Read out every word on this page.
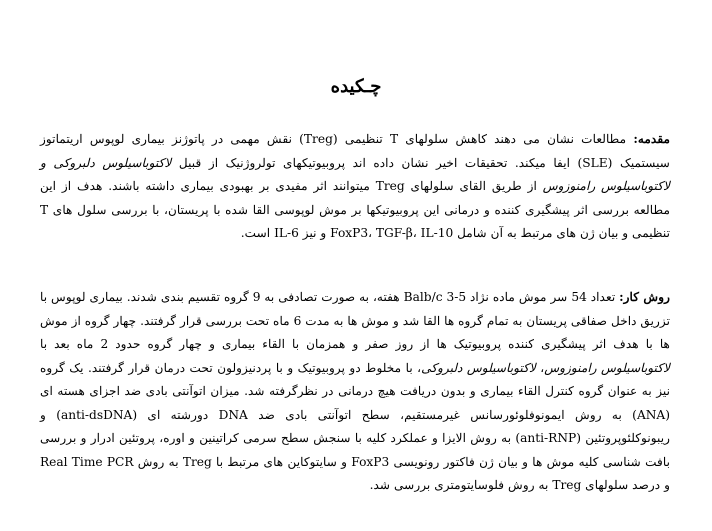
چـکیده

مقدمه: مطالعات نشان می دهند کاهش سلولهای T تنظیمی (Treg) نقش مهمی در پاتوژنز بیماری لوپوس اریتماتوز سیستمیک (SLE) ایفا میکند. تحقیقات اخیر نشان داده اند پروبیوتیکهای تولروژنیک از قبیل لاکتوباسیلوس دلبروکی و لاکتوباسیلوس رامنوزوس از طریق القای سلولهای Treg میتوانند اثر مفیدی بر بهبودی بیماری داشته باشند. هدف از این مطالعه بررسی اثر پیشگیری کننده و درمانی این پروبیوتیکها بر موش لوپوسی القا شده با پریستان، با بررسی سلول های T تنظیمی و بیان ژن های مرتبط به آن شامل FoxP3، TGF-β، IL-10 و نیز IL-6 است.

روش کار: تعداد 54 سر موش ماده نژاد Balb/c 3-5 هفته، به صورت تصادفی به 9 گروه تقسیم بندی شدند. بیماری لوپوس با تزریق داخل صفاقی پریستان به تمام گروه ها القا شد و موش ها به مدت 6 ماه تحت بررسی قرار گرفتند. چهار گروه از موش ها با هدف اثر پیشگیری کننده پروبیوتیک ها از روز صفر و همزمان با القاء بیماری و چهار گروه حدود 2 ماه بعد با لاکتوباسیلوس رامنوزوس، لاکتوباسیلوس دلبروکی، با مخلوط دو پروبیوتیک و با پردنیزولون تحت درمان قرار گرفتند. یک گروه نیز به عنوان گروه کنترل القاء بیماری و بدون دریافت هیچ درمانی در نظرگرفته شد. میزان اتوآنتی بادی ضد اجزای هسته ای (ANA) به روش ایمونوفلوئورسانس غیرمستقیم، سطح اتوآنتی بادی ضد DNA دورشته ای (anti-dsDNA) و ریبونوکلئوپروتئین (anti-RNP) به روش الایزا و عملکرد کلیه با سنجش سطح سرمی کراتینین و اوره، پروتئین ادرار و بررسی بافت شناسی کلیه موش ها و بیان ژن فاکتور رونویسی FoxP3 و سایتوکاین های مرتبط با Treg به روش Real Time PCR و درصد سلولهای Treg به روش فلوسایتومتری بررسی شد.
